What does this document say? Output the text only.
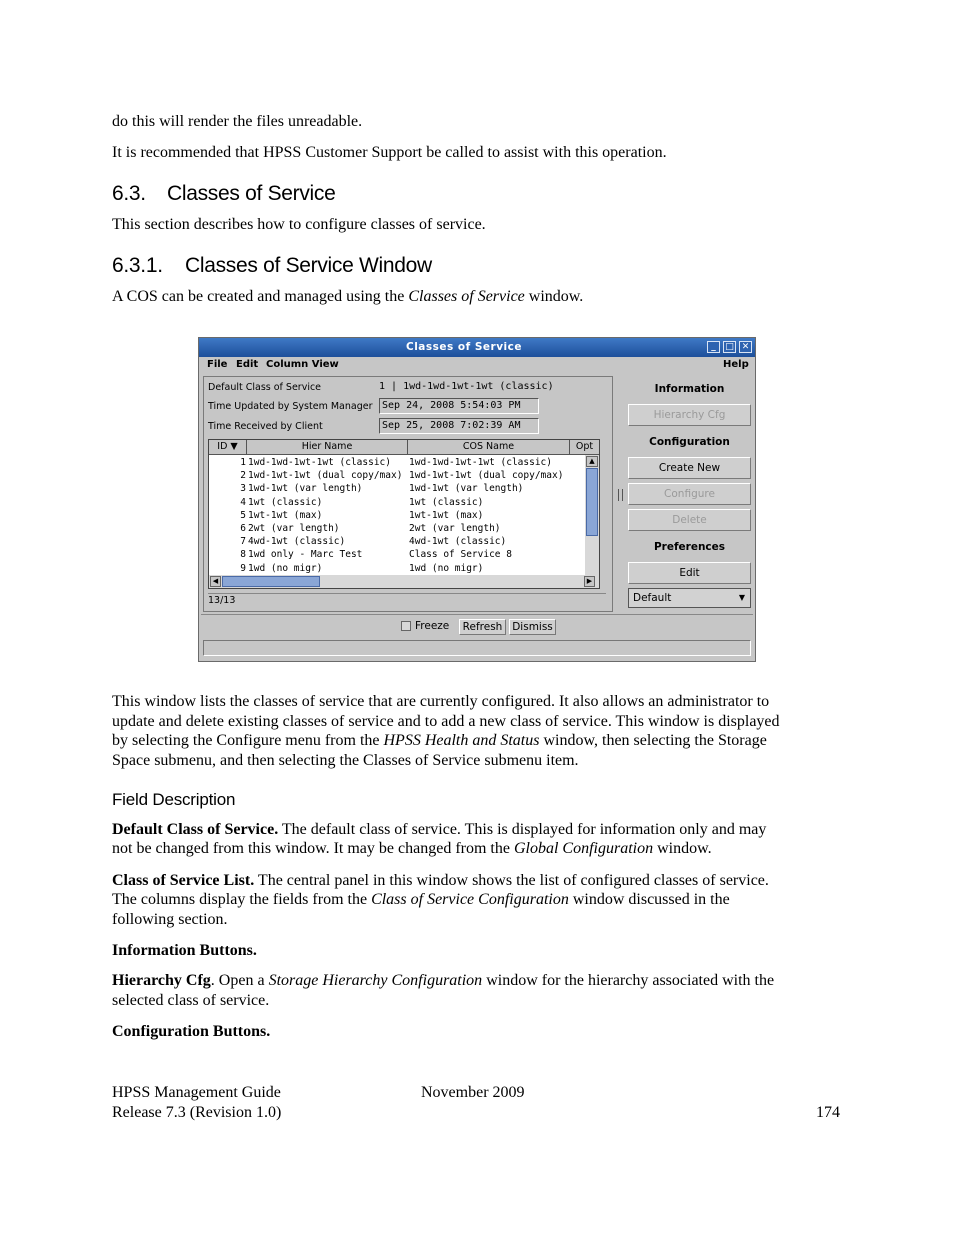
do this will render the files unreadable.
It is recommended that HPSS Customer Support be called to assist with this operation.
6.3. Classes of Service
This section describes how to configure classes of service.
6.3.1. Classes of Service Window
A COS can be created and managed using the Classes of Service window.
Classes of Service	_	□ ✕
File Edit Column View	Help
Default Class of Service	1 | 1wd-1wd-1wt-1wt (classic)
Time Updated by System Manager Sep 24, 2008 5:54:03 PM
Time Received by Client	Sep 25, 2008 7:02:39 AM
ID ▼	Hier Name	COS Name	Opt
1 1wd-1wd-1wt-1wt (classic)	1wd-1wd-1wt-1wt (classic)
2 1wd-1wt-1wt (dual copy/max) 1wd-1wt-1wt (dual copy/max)
3 1wd-1wt (var length)	1wd-1wt (var length)
4 1wt (classic)	1wt (classic)
5 1wt-1wt (max)	1wt-1wt (max)
6 2wt (var length)	2wt (var length)
7 4wd-1wt (classic)	4wd-1wt (classic)
8 1wd only - Marc Test	Class of Service 8
9 1wd (no migr)	1wd (no migr)
▲
◀	▶
13/13
Information
Hierarchy Cfg
Configuration
Create New
Configure
Delete
Preferences
Edit
Default	▼
Freeze	Refresh Dismiss
This window lists the classes of service that are currently configured. It also allows an administrator to
update and delete existing classes of service and to add a new class of service. This window is displayed
by selecting the Configure menu from the HPSS Health and Status window, then selecting the Storage
Space submenu, and then selecting the Classes of Service submenu item.
Field Description
Default Class of Service. The default class of service. This is displayed for information only and may
not be changed from this window. It may be changed from the Global Configuration window.
Class of Service List. The central panel in this window shows the list of configured classes of service.
The columns display the fields from the Class of Service Configuration window discussed in the
following section.
Information Buttons.
Hierarchy Cfg. Open a Storage Hierarchy Configuration window for the hierarchy associated with the
selected class of service.
Configuration Buttons.
HPSS Management Guide	November 2009
Release 7.3 (Revision 1.0)	174
